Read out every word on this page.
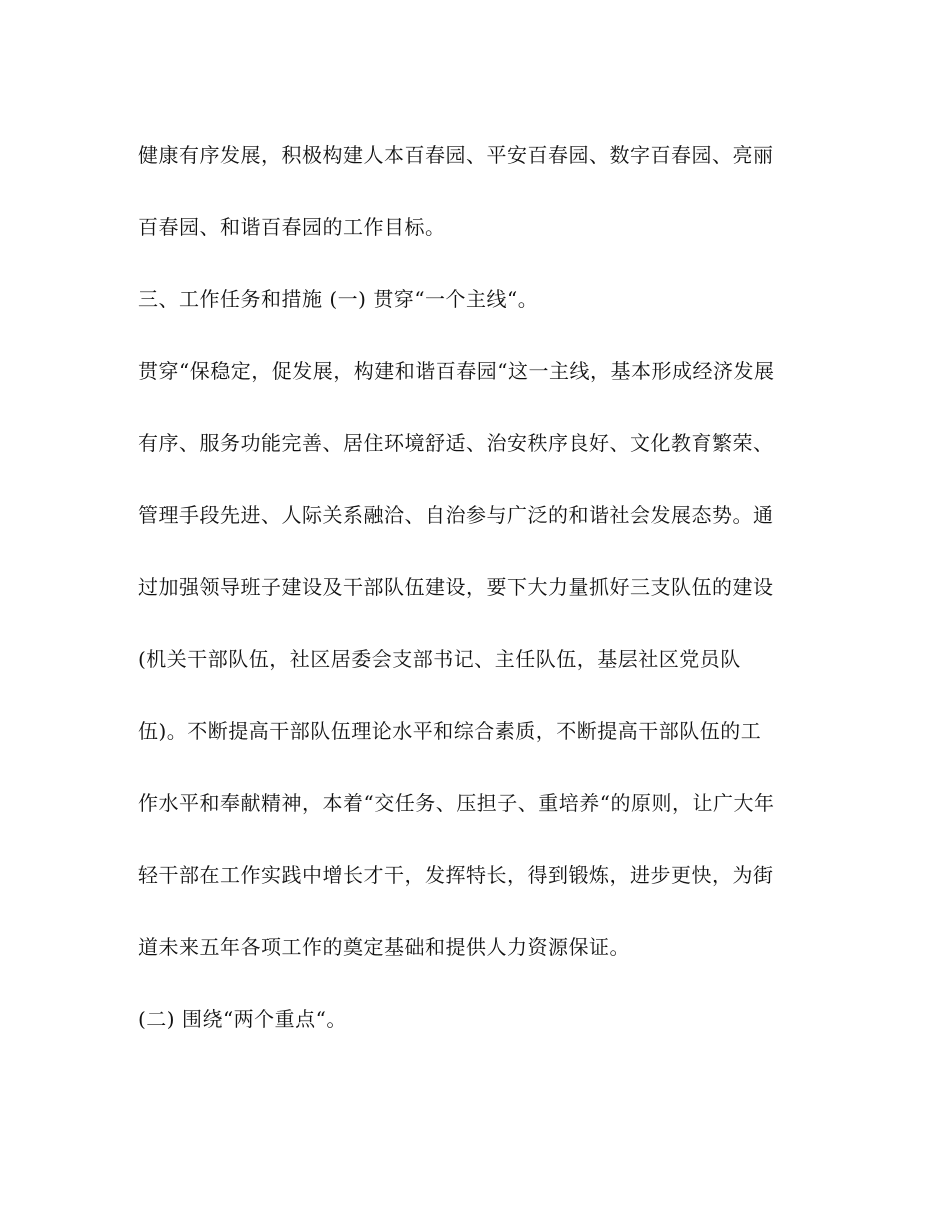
健康有序发展，积极构建人本百春园、平安百春园、数字百春园、亮丽
百春园、和谐百春园的工作目标。
三、工作任务和措施 (一) 贯穿“一个主线“。
贯穿“保稳定，促发展，构建和谐百春园“这一主线，基本形成经济发展
有序、服务功能完善、居住环境舒适、治安秩序良好、文化教育繁荣、
管理手段先进、人际关系融洽、自治参与广泛的和谐社会发展态势。通
过加强领导班子建设及干部队伍建设，要下大力量抓好三支队伍的建设
(机关干部队伍，社区居委会支部书记、主任队伍，基层社区党员队
伍)。不断提高干部队伍理论水平和综合素质，不断提高干部队伍的工
作水平和奉献精神，本着“交任务、压担子、重培养“的原则，让广大年
轻干部在工作实践中增长才干，发挥特长，得到锻炼，进步更快，为街
道未来五年各项工作的奠定基础和提供人力资源保证。
(二) 围绕“两个重点“。
